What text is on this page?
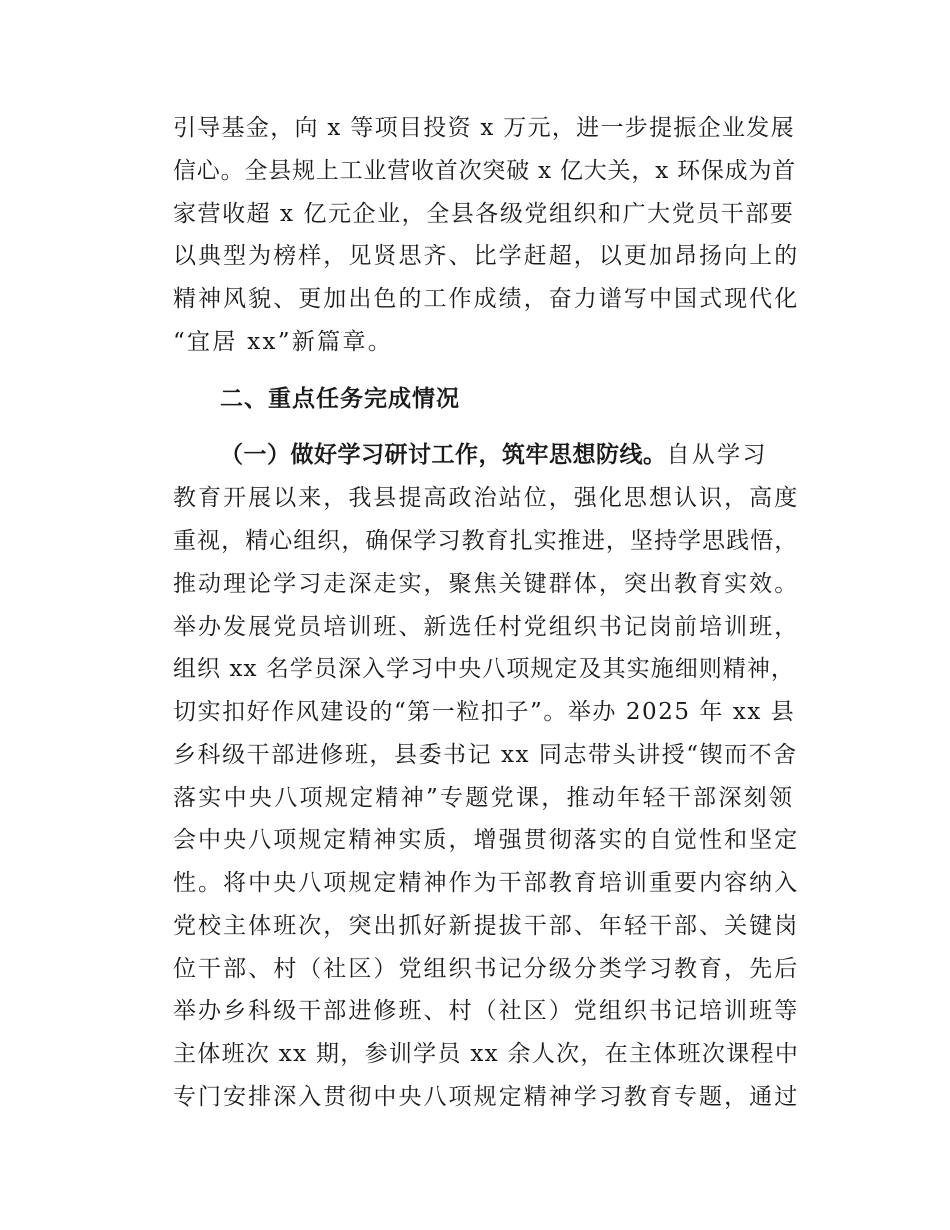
引导基金，向 x 等项目投资 x 万元，进一步提振企业发展
信心。全县规上工业营收首次突破 x 亿大关，x 环保成为首
家营收超 x 亿元企业，全县各级党组织和广大党员干部要
以典型为榜样，见贤思齐、比学赶超，以更加昂扬向上的
精神风貌、更加出色的工作成绩，奋力谱写中国式现代化
“宜居 xx”新篇章。
二、重点任务完成情况
（一）做好学习研讨工作，筑牢思想防线。自从学习
教育开展以来，我县提高政治站位，强化思想认识，高度
重视，精心组织，确保学习教育扎实推进，坚持学思践悟，
推动理论学习走深走实，聚焦关键群体，突出教育实效。
举办发展党员培训班、新选任村党组织书记岗前培训班，
组织 xx 名学员深入学习中央八项规定及其实施细则精神，
切实扣好作风建设的“第一粒扣子”。举办 2025 年 xx 县
乡科级干部进修班，县委书记 xx 同志带头讲授“锲而不舍
落实中央八项规定精神”专题党课，推动年轻干部深刻领
会中央八项规定精神实质，增强贯彻落实的自觉性和坚定
性。将中央八项规定精神作为干部教育培训重要内容纳入
党校主体班次，突出抓好新提拔干部、年轻干部、关键岗
位干部、村（社区）党组织书记分级分类学习教育，先后
举办乡科级干部进修班、村（社区）党组织书记培训班等
主体班次 xx 期，参训学员 xx 余人次，在主体班次课程中
专门安排深入贯彻中央八项规定精神学习教育专题，通过
